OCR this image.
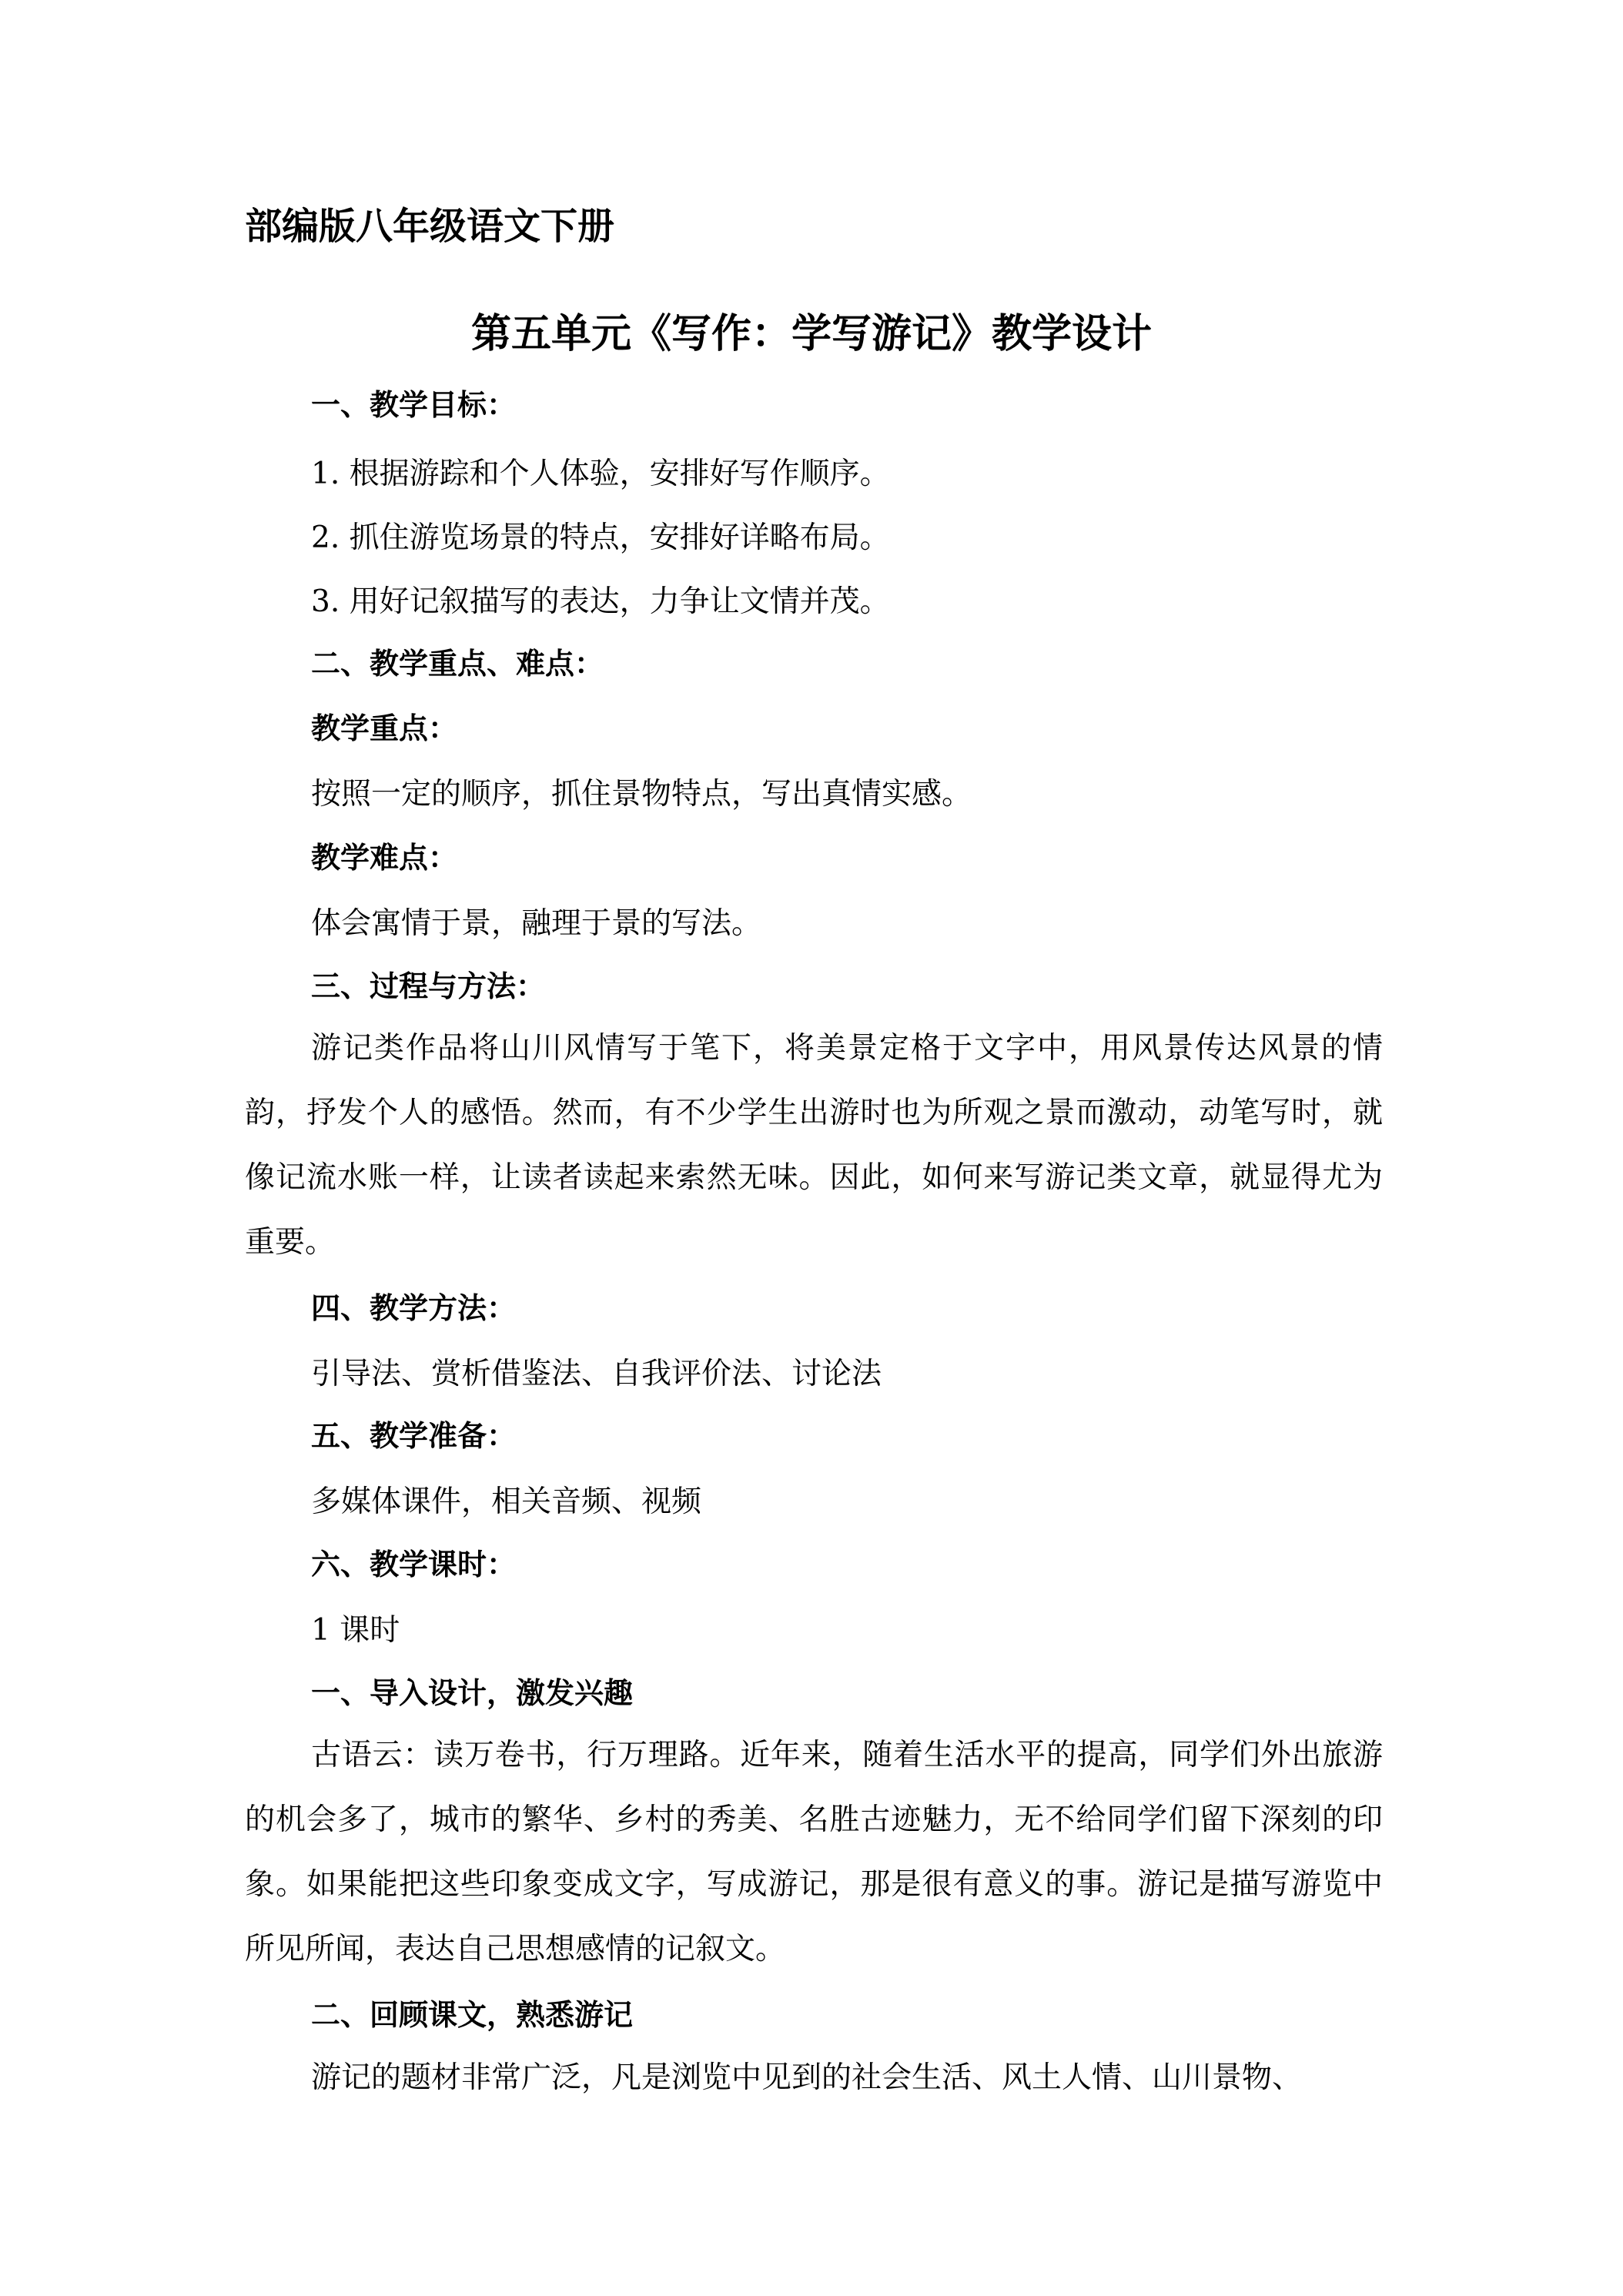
部编版八年级语文下册
第五单元《写作：学写游记》教学设计
一、教学目标：
1. 根据游踪和个人体验，安排好写作顺序。
2. 抓住游览场景的特点，安排好详略布局。
3. 用好记叙描写的表达，力争让文情并茂。
二、教学重点、难点：
教学重点：
按照一定的顺序，抓住景物特点，写出真情实感。
教学难点：
体会寓情于景，融理于景的写法。
三、过程与方法：
游记类作品将山川风情写于笔下，将美景定格于文字中，用风景传达风景的情韵，抒发个人的感悟。然而，有不少学生出游时也为所观之景而激动，动笔写时，就像记流水账一样，让读者读起来索然无味。因此，如何来写游记类文章，就显得尤为重要。
四、教学方法：
引导法、赏析借鉴法、自我评价法、讨论法
五、教学准备：
多媒体课件，相关音频、视频
六、教学课时：
1 课时
一、导入设计，激发兴趣
古语云：读万卷书，行万理路。近年来，随着生活水平的提高，同学们外出旅游的机会多了，城市的繁华、乡村的秀美、名胜古迹魅力，无不给同学们留下深刻的印象。如果能把这些印象变成文字，写成游记，那是很有意义的事。游记是描写游览中所见所闻，表达自己思想感情的记叙文。
二、回顾课文，熟悉游记
游记的题材非常广泛，凡是浏览中见到的社会生活、风土人情、山川景物、
